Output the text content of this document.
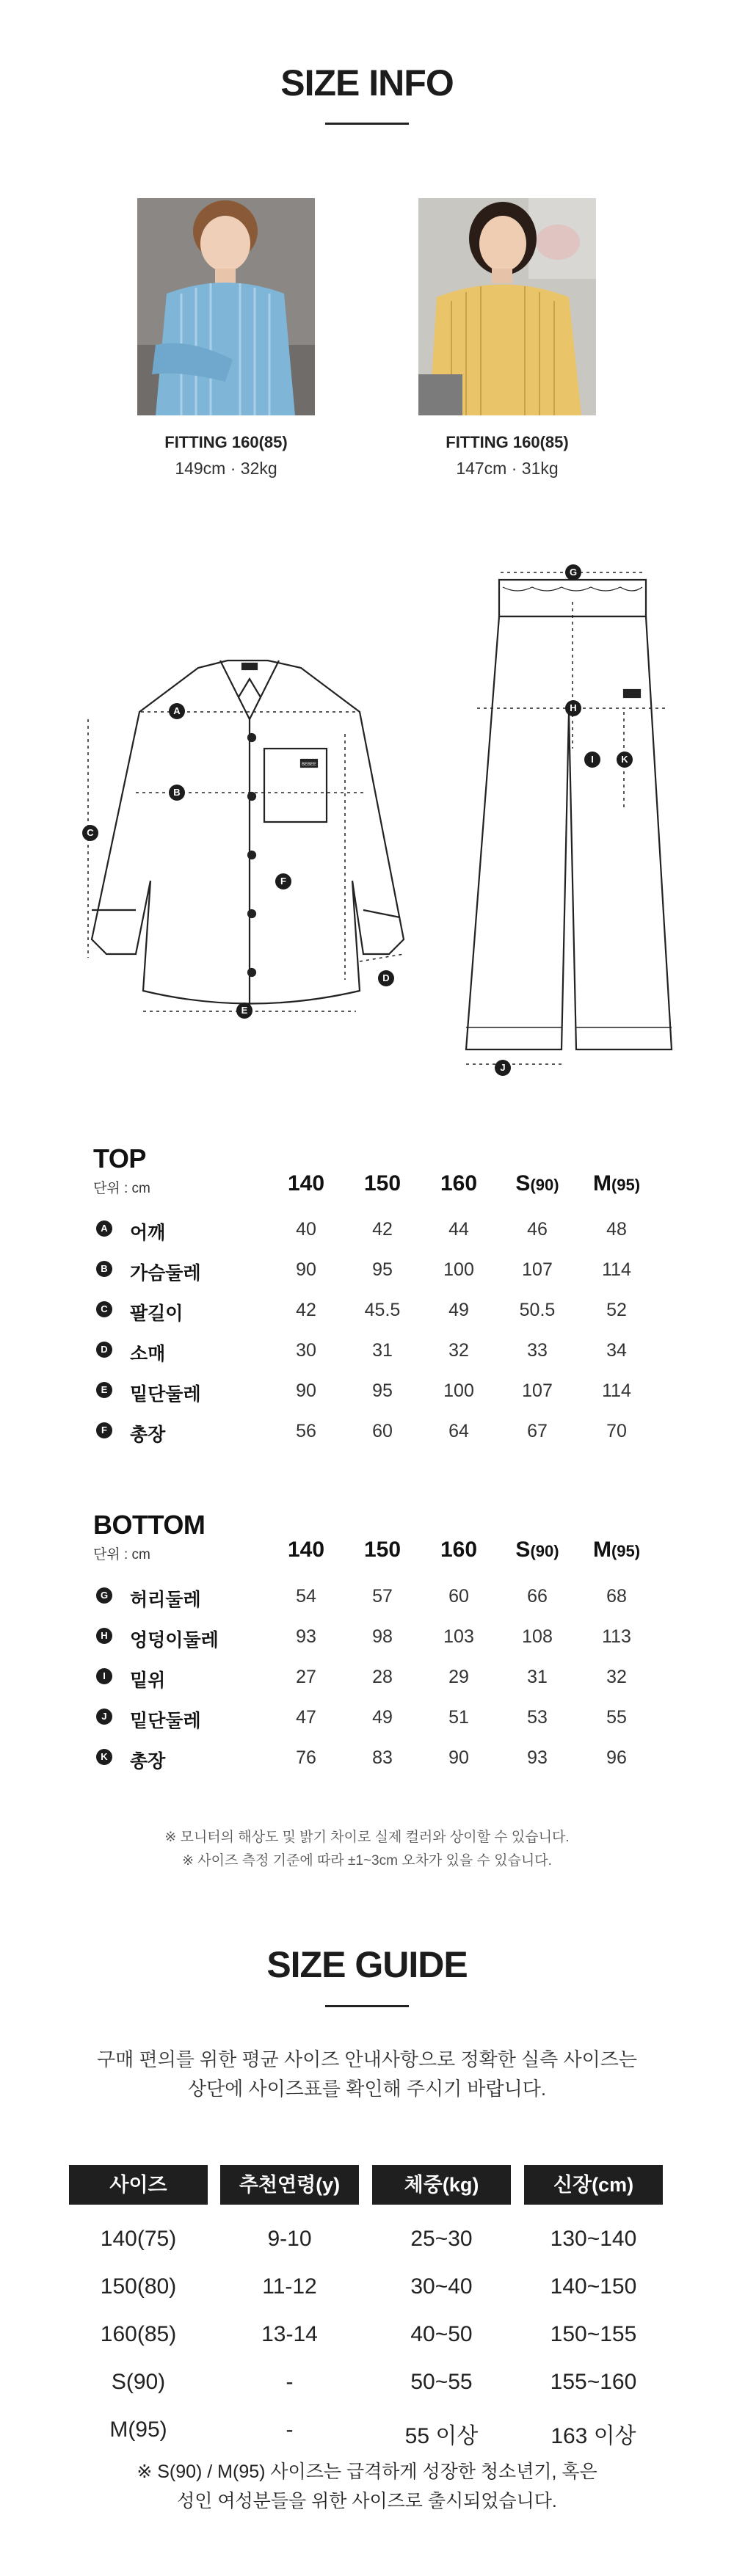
SIZE INFO
FITTING 160(85)
149cm · 32kg
FITTING 160(85)
147cm · 31kg
BEBEE
A
B
C
D
E
F
G
H
I	K
J
TOP
단위 : cm	140	150	160	S(90)	M(95)
A 어깨	40	42	44	46	48
B 가슴둘레	90	95	100	107	114
C 팔길이	42	45.5	49	50.5	52
D 소매	30	31	32	33	34
E 밑단둘레	90	95	100	107	114
F 총장	56	60	64	67	70
BOTTOM
단위 : cm	140	150	160	S(90)	M(95)
G 허리둘레	54	57	60	66	68
H 엉덩이둘레	93	98	103	108	113
I	밑위	27	28	29	31	32
J 밑단둘레	47	49	51	53	55
K 총장	76	83	90	93	96
※ 모니터의 해상도 및 밝기 차이로 실제 컬러와 상이할 수 있습니다.
※ 사이즈 측정 기준에 따라 ±1~3cm 오차가 있을 수 있습니다.
SIZE GUIDE
구매 편의를 위한 평균 사이즈 안내사항으로 정확한 실측 사이즈는
상단에 사이즈표를 확인해 주시기 바랍니다.
사이즈	추천연령(y)	체중(kg)	신장(cm)
140(75)	9-10	25~30	130~140
150(80)	11-12	30~40	140~150
160(85)	13-14	40~50	150~155
S(90)	-	50~55	155~160
M(95)	-	55 이상	163 이상
※ S(90) / M(95) 사이즈는 급격하게 성장한 청소년기, 혹은
성인 여성분들을 위한 사이즈로 출시되었습니다.
